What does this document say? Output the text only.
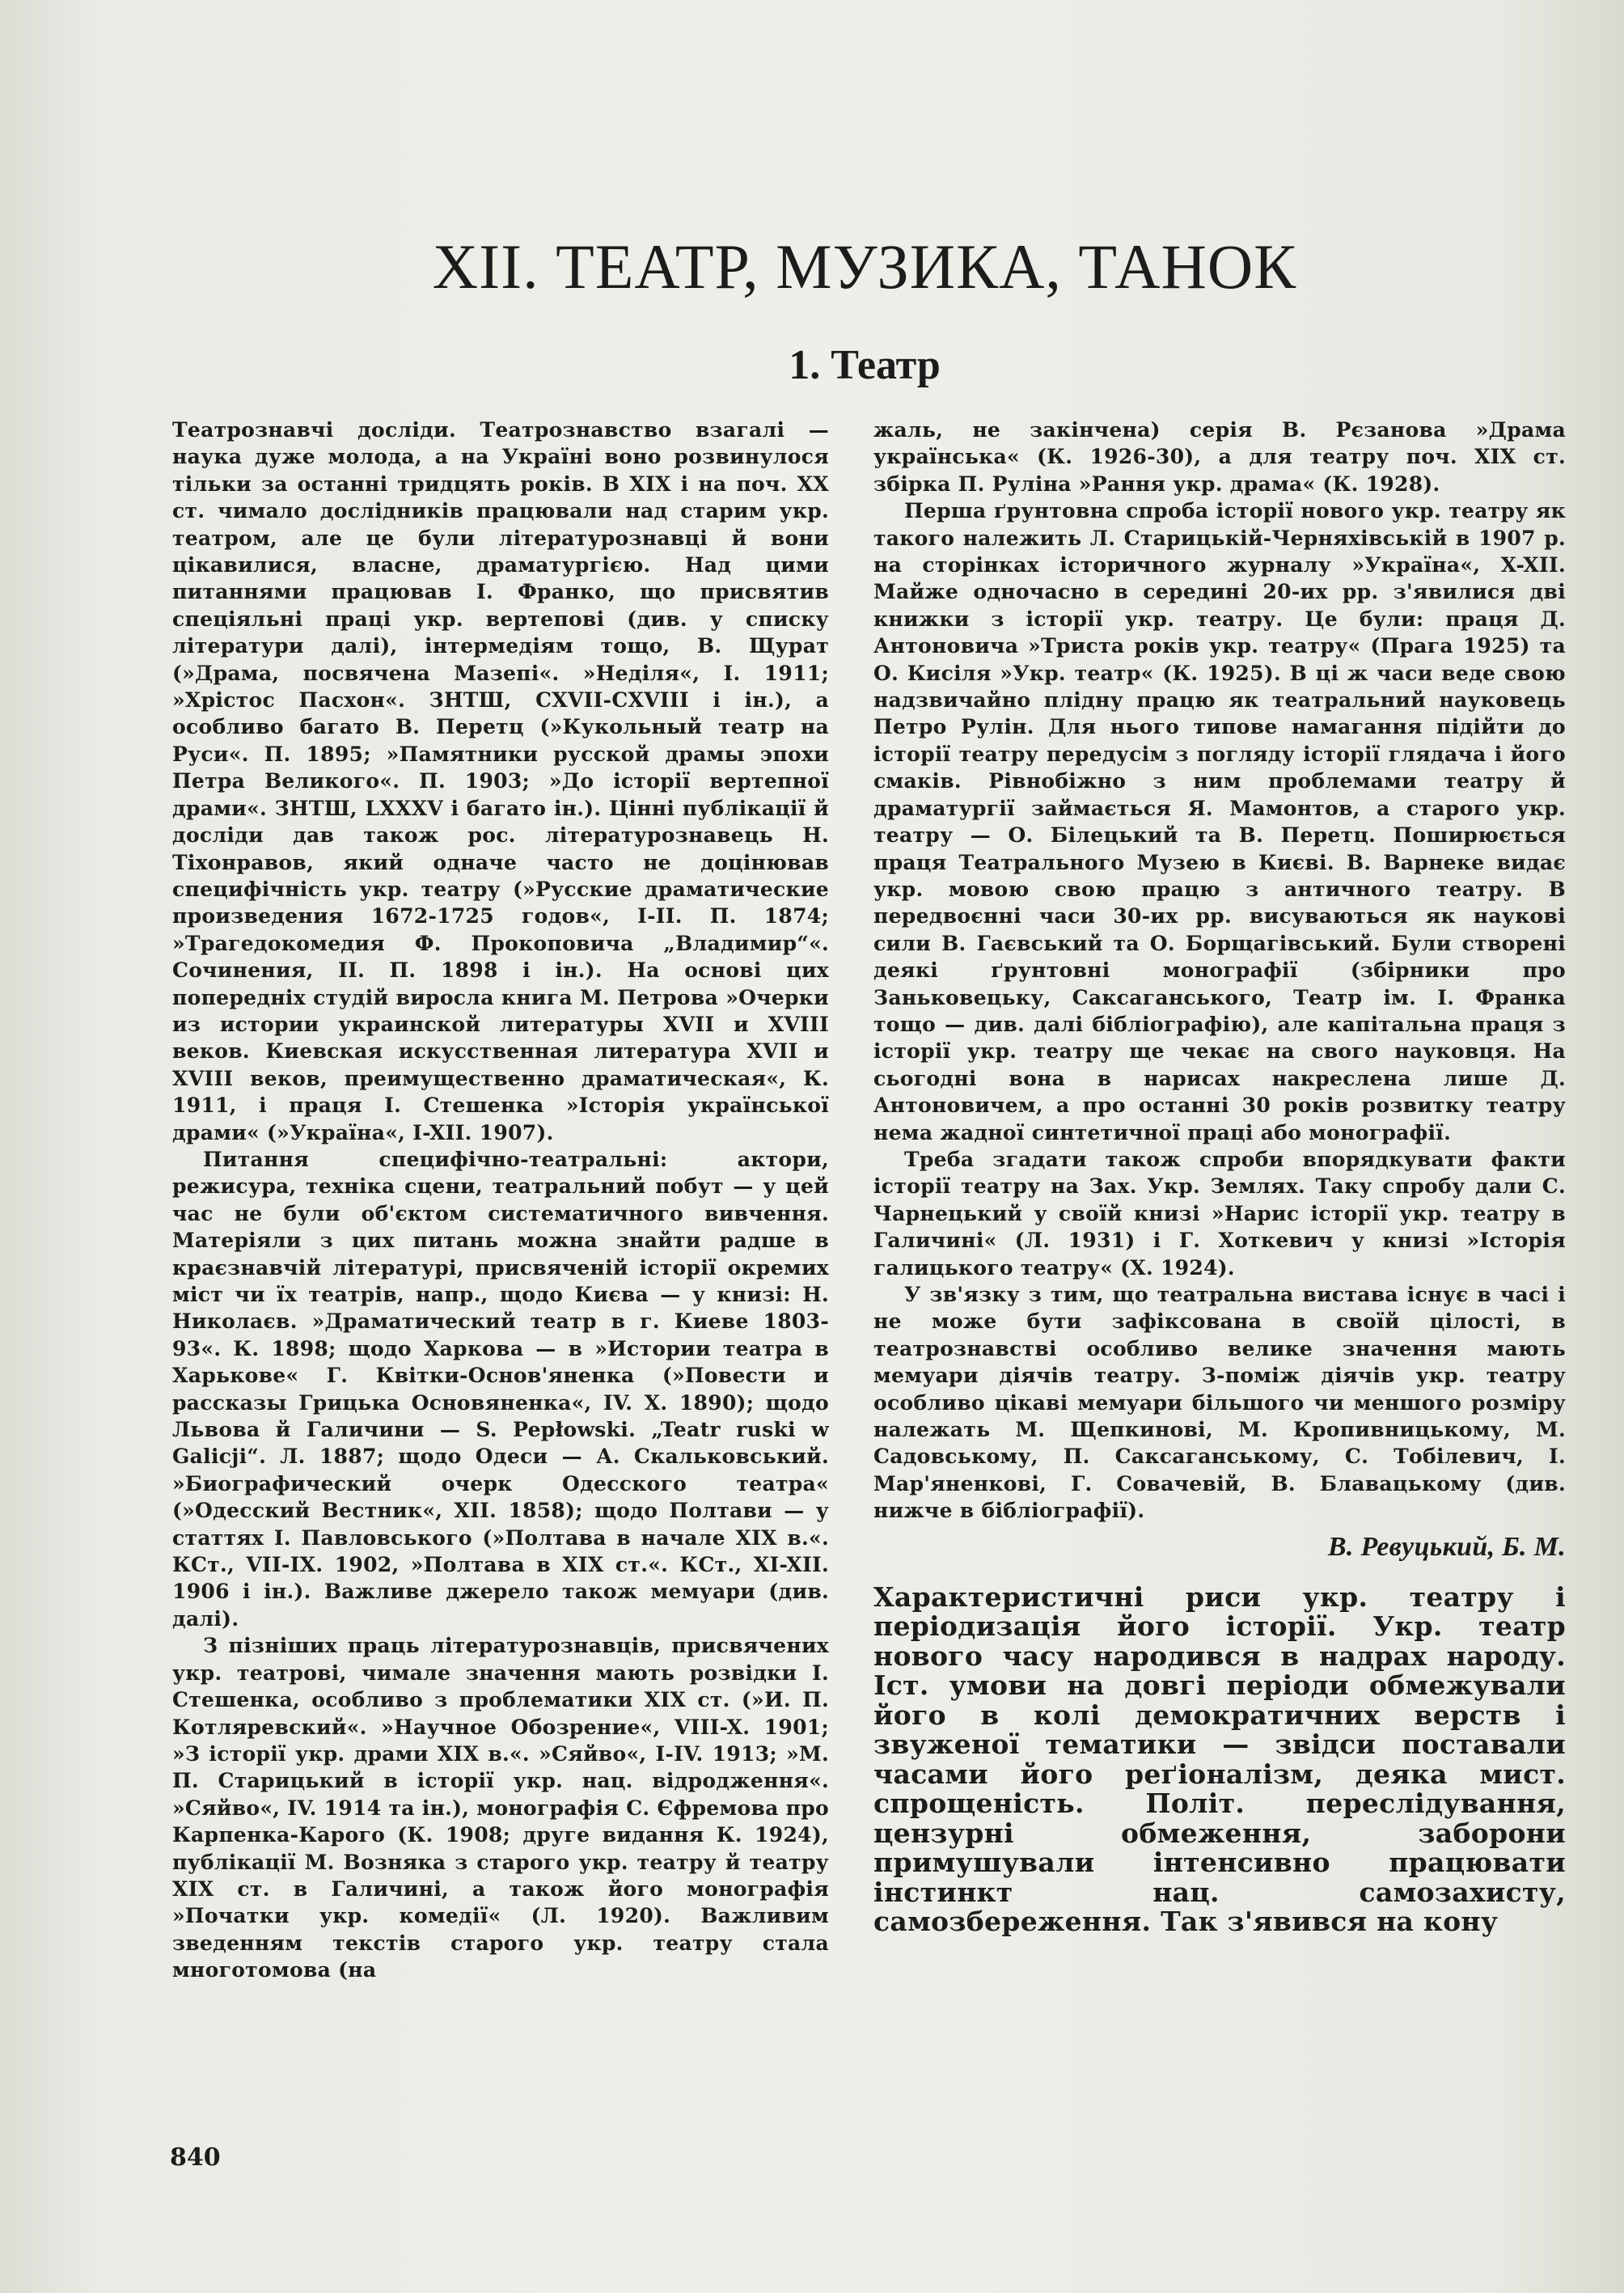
XII. ТЕАТР, МУЗИКА, ТАНОК
1. Театр

Театрознавчі досліди. Театрознавство взагалі — наука дуже молода, а на Україні воно розвинулося тільки за останні тридцять років. В XIX і на поч. XX ст. чимало дослідників працювали над старим укр. театром, але це були літературознавці й вони цікавилися, власне, драматургією. Над цими питаннями працював І. Франко, що присвятив спеціяльні праці укр. вертепові (див. у списку літератури далі), інтермедіям тощо, В. Щурат (»Драма, посвячена Мазепі«. »Неділя«, І. 1911; »Хрістос Пасхон«. ЗНТШ, CXVII-CXVIII і ін.), а особливо багато В. Перетц (»Кукольный театр на Руси«. П. 1895; »Памятники русской драмы эпохи Петра Великого«. П. 1903; »До історії вертепної драми«. ЗНТШ, LXXXV і багато ін.). Цінні публікації й досліди дав також рос. літературознавець Н. Тіхонравов, який одначе часто не доцінював специфічність укр. театру (»Русские драматические произведения 1672-1725 годов«, I-II. П. 1874; »Трагедокомедия Ф. Прокоповича „Владимир“«. Сочинения, II. П. 1898 і ін.). На основі цих попередніх студій виросла книга М. Петрова »Очерки из истории украинской литературы XVII и XVIII веков. Киевская искусственная литература XVII и XVIII веков, преимущественно драматическая«, К. 1911, і праця І. Стешенка »Історія української драми« (»Україна«, I-XII. 1907).

Питання специфічно-театральні: актори, режисура, техніка сцени, театральний побут — у цей час не були об'єктом систематичного вивчення. Матеріяли з цих питань можна знайти радше в краєзнавчій літературі, присвяченій історії окремих міст чи їх театрів, напр., щодо Києва — у книзі: Н. Николаєв. »Драматический театр в г. Киеве 1803-93«. К. 1898; щодо Харкова — в »Истории театра в Харькове« Г. Квітки-Основ'яненка (»Повести и рассказы Грицька Основяненка«, IV. Х. 1890); щодо Львова й Галичини — S. Pepłowski. „Teatr ruski w Galicji“. Л. 1887; щодо Одеси — А. Скальковський. »Биографический очерк Одесского театра« (»Одесский Вестник«, XII. 1858); щодо Полтави — у статтях І. Павловського (»Полтава в начале XIX в.«. КСт., VII-IX. 1902, »Полтава в XIX ст.«. КСт., XI-XII. 1906 і ін.). Важливе джерело також мемуари (див. далі).

З пізніших праць літературознавців, присвячених укр. театрові, чимале значення мають розвідки І. Стешенка, особливо з проблематики XIX ст. (»И. П. Котляревский«. »Научное Обозрение«, VIII-X. 1901; »З історії укр. драми XIX в.«. »Сяйво«, I-IV. 1913; »М. П. Старицький в історії укр. нац. відродження«. »Сяйво«, IV. 1914 та ін.), монографія С. Єфремова про Карпенка-Карого (К. 1908; друге видання К. 1924), публікації М. Возняка з старого укр. театру й театру XIX ст. в Галичині, а також його монографія »Початки укр. комедії« (Л. 1920). Важливим зведенням текстів старого укр. театру стала многотомова (на

жаль, не закінчена) серія В. Рєзанова »Драма українська« (К. 1926-30), а для театру поч. XIX ст. збірка П. Руліна »Рання укр. драма« (К. 1928).

Перша ґрунтовна спроба історії нового укр. театру як такого належить Л. Старицькій-Черняхівській в 1907 р. на сторінках історичного журналу »Україна«, X-XII. Майже одночасно в середині 20-их рр. з'явилися дві книжки з історії укр. театру. Це були: праця Д. Антоновича »Триста років укр. театру« (Прага 1925) та О. Кисіля »Укр. театр« (К. 1925). В ці ж часи веде свою надзвичайно плідну працю як театральний науковець Петро Рулін. Для нього типове намагання підійти до історії театру передусім з погляду історії глядача і його смаків. Рівнобіжно з ним проблемами театру й драматургії займається Я. Мамонтов, а старого укр. театру — О. Білецький та В. Перетц. Поширюється праця Театрального Музею в Києві. В. Варнеке видає укр. мовою свою працю з античного театру. В передвоєнні часи 30-их рр. висуваються як наукові сили В. Гаєвський та О. Борщагівський. Були створені деякі ґрунтовні монографії (збірники про Заньковецьку, Саксаганського, Театр ім. І. Франка тощо — див. далі бібліографію), але капітальна праця з історії укр. театру ще чекає на свого науковця. На сьогодні вона в нарисах накреслена лише Д. Антоновичем, а про останні 30 років розвитку театру нема жадної синтетичної праці або монографії.

Треба згадати також спроби впорядкувати факти історії театру на Зах. Укр. Землях. Таку спробу дали С. Чарнецький у своїй книзі »Нарис історії укр. театру в Галичині« (Л. 1931) і Г. Хоткевич у книзі »Історія галицького театру« (Х. 1924).

У зв'язку з тим, що театральна вистава існує в часі і не може бути зафіксована в своїй цілості, в театрознавстві особливо велике значення мають мемуари діячів театру. З-поміж діячів укр. театру особливо цікаві мемуари більшого чи меншого розміру належать М. Щепкинові, М. Кропивницькому, М. Садовському, П. Саксаганському, С. Тобілевич, І. Мар'яненкові, Г. Совачевій, В. Блавацькому (див. нижче в бібліографії).

В. Ревуцький, Б. М.

Характеристичні риси укр. театру і періодизація його історії. Укр. театр нового часу народився в надрах народу. Іст. умови на довгі періоди обмежували його в колі демократичних верств і звуженої тематики — звідси поставали часами його реґіоналізм, деяка мист. спрощеність. Політ. переслідування, цензурні обмеження, заборони примушували інтенсивно працювати інстинкт нац. самозахисту, самозбереження. Так з'явився на кону

840
